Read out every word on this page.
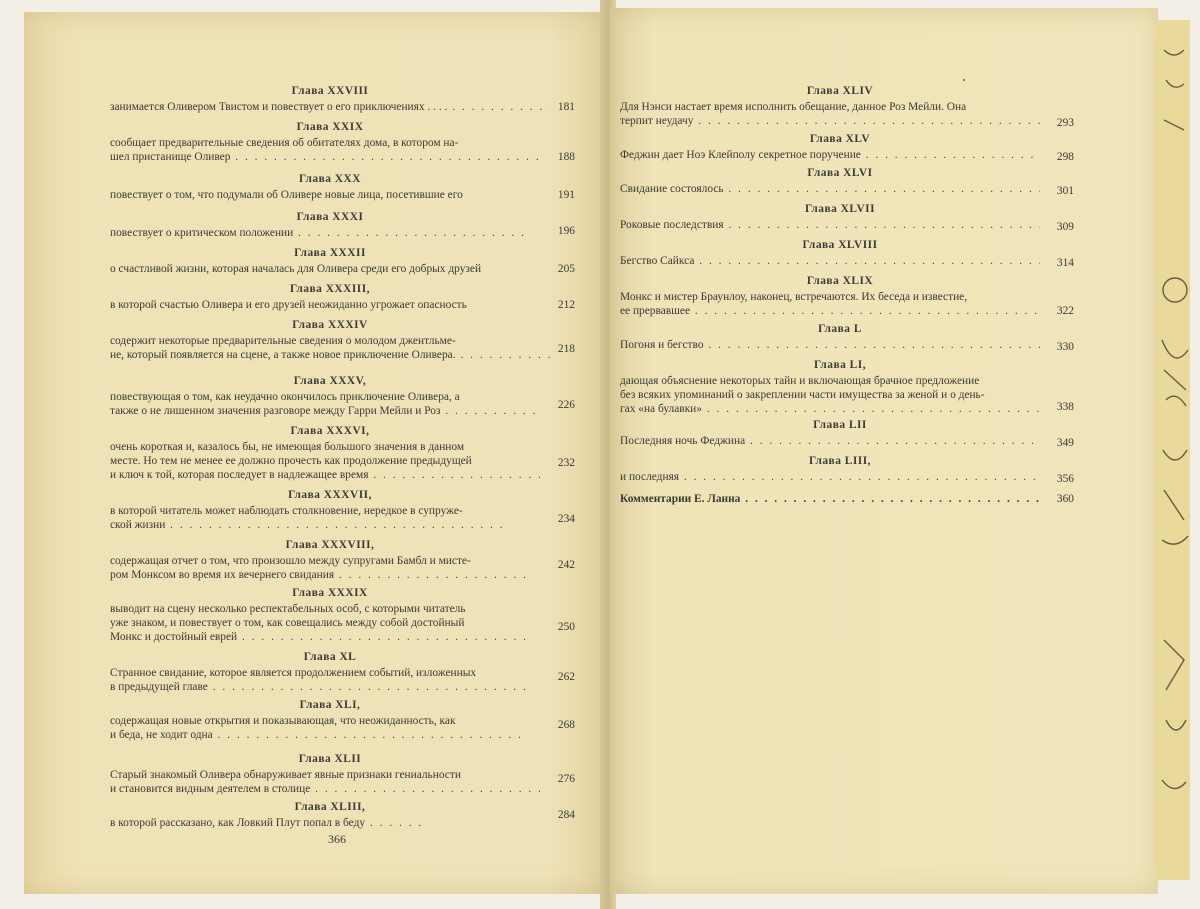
Глава XXVIII
занимается Оливером Твистом и повествует о его приключениях . . . . . . .	181
Глава XXIX
сообщает предварительные сведения об обитателях дома, в котором на-
шел пристанище Оливер . . .	188
Глава XXX
повествует о том, что подумали об Оливере новые лица, посетившие его	191
Глава XXXI
повествует о критическом положении . . .	196
Глава XXXII
о счастливой жизни, которая началась для Оливера среди его добрых друзей	205
Глава XXXIII,
в которой счастью Оливера и его друзей неожиданно угрожает опасность	212
Глава XXXIV
содержит некоторые предварительные сведения о молодом джентльме-
не, который появляется на сцене, а также новое приключение Оливера. . . .	218
Глава XXXV,
повествующая о том, как неудачно окончилось приключение Оливера, а
также о не лишенном значения разговоре между Гарри Мейли и Роз . . .	226
Глава XXXVI,
очень короткая и, казалось бы, не имеющая большого значения в данном
месте. Но тем не менее ее должно прочесть как продолжение предыдущей
и ключ к той, которая последует в надлежащее время . . .
232
Глава XXXVII,
в которой читатель может наблюдать столкновение, нередкое в супруже-
ской жизни . . .	234
Глава XXXVIII,
содержащая отчет о том, что произошло между супругами Бамбл и мисте-
ром Монксом во время их вечернего свидания . . .
242
Глава XXXIX
выводит на сцену несколько респектабельных особ, с которыми читатель
уже знаком, и повествует о том, как совещались между собой достойный
Монкс и достойный еврей . . .
250
Глава XL
Странное свидание, которое является продолжением событий, изложенных
в предыдущей главе . . .
262
Глава XLI,
содержащая новые открытия и показывающая, что неожиданность, как
и беда, не ходит одна . . .
268
Глава XLII
Старый знакомый Оливера обнаруживает явные признаки гениальности
и становится видным деятелем в столице . . .
276
Глава XLIII,
в которой рассказано, как Ловкий Плут попал в беду . . .
284
366
Глава XLIV
Для Нэнси настает время исполнить обещание, данное Роз Мейли. Она
терпит неудачу . . .	293
Глава XLV
Феджин дает Ноэ Клейполу секретное поручение . . .	298
Глава XLVI
Свидание состоялось . . .	301
Глава XLVII
Роковые последствия . . .	309
Глава XLVIII
Бегство Сайкса . . .	314
Глава XLIX
Монкс и мистер Браунлоу, наконец, встречаются. Их беседа и известие,
ее прервавшее . . .	322
Глава L
Погоня и бегство . . .	330
Глава LI,
дающая объяснение некоторых тайн и включающая брачное предложение
без всяких упоминаний о закреплении части имущества за женой и о день-
гах «на булавки» . . .	338
Глава LII
Последняя ночь Феджина . . .	349
Глава LIII,
и последняя . . .	356
Комментарии Е. Ланна . . .	360
